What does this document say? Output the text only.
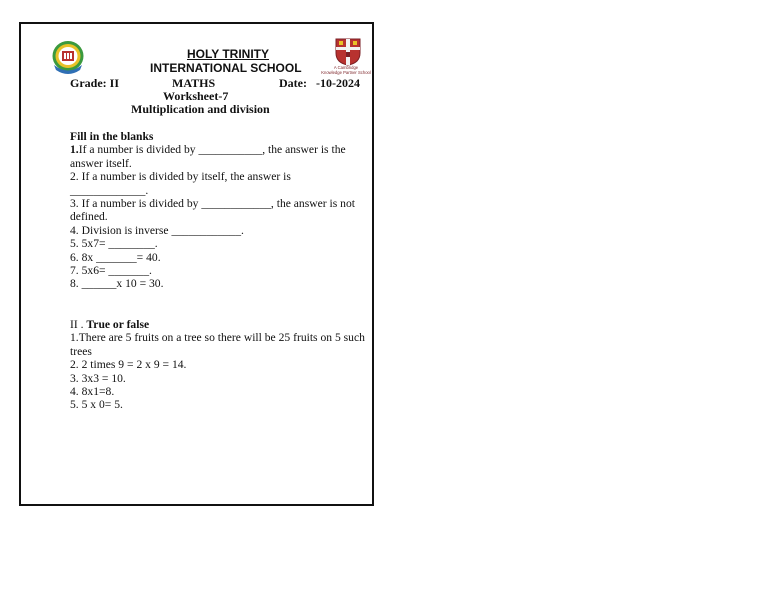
HOLY TRINITY
INTERNATIONAL SCHOOL	A Cambridge
Knowledge Partner School
Grade: II	MATHS	Date: -10-2024
Worksheet-7
Multiplication and division

Fill in the blanks

1.If a number is divided by ___________, the answer is the answer itself.

2. If a number is divided by itself, the answer is _____________.

3. If a number is divided by ____________, the answer is not defined.

4. Division is inverse ____________.

5. 5x7= ________.

6. 8x _______= 40.

7. 5x6= _______.

8. ______x 10 = 30.

II . True or false

1.There are 5 fruits on a tree so there will be 25 fruits on 5 such trees

2. 2 times 9 = 2 x 9 = 14.

3. 3x3 = 10.

4. 8x1=8.

5. 5 x 0= 5.
